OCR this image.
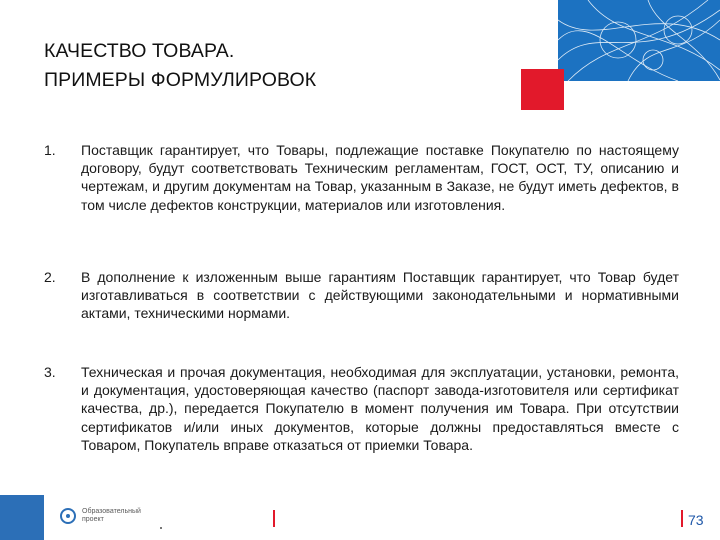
КАЧЕСТВО ТОВАРА.
ПРИМЕРЫ ФОРМУЛИРОВОК
1. Поставщик гарантирует, что Товары, подлежащие поставке Покупателю по настоящему договору, будут соответствовать Техническим регламентам, ГОСТ, ОСТ, ТУ, описанию и чертежам, и другим документам на Товар, указанным в Заказе, не будут иметь дефектов, в том числе дефектов конструкции, материалов или изготовления.
2. В дополнение к изложенным выше гарантиям Поставщик гарантирует, что Товар будет изготавливаться в соответствии с действующими законодательными и нормативными актами, техническими нормами.
3. Техническая и прочая документация, необходимая для эксплуатации, установки, ремонта, и документация, удостоверяющая качество (паспорт завода-изготовителя или сертификат качества, др.), передается Покупателю в момент получения им Товара. При отсутствии сертификатов и/или иных документов, которые должны предоставляться вместе с Товаром, Покупатель вправе отказаться от приемки Товара.
Образовательный
проект	73
